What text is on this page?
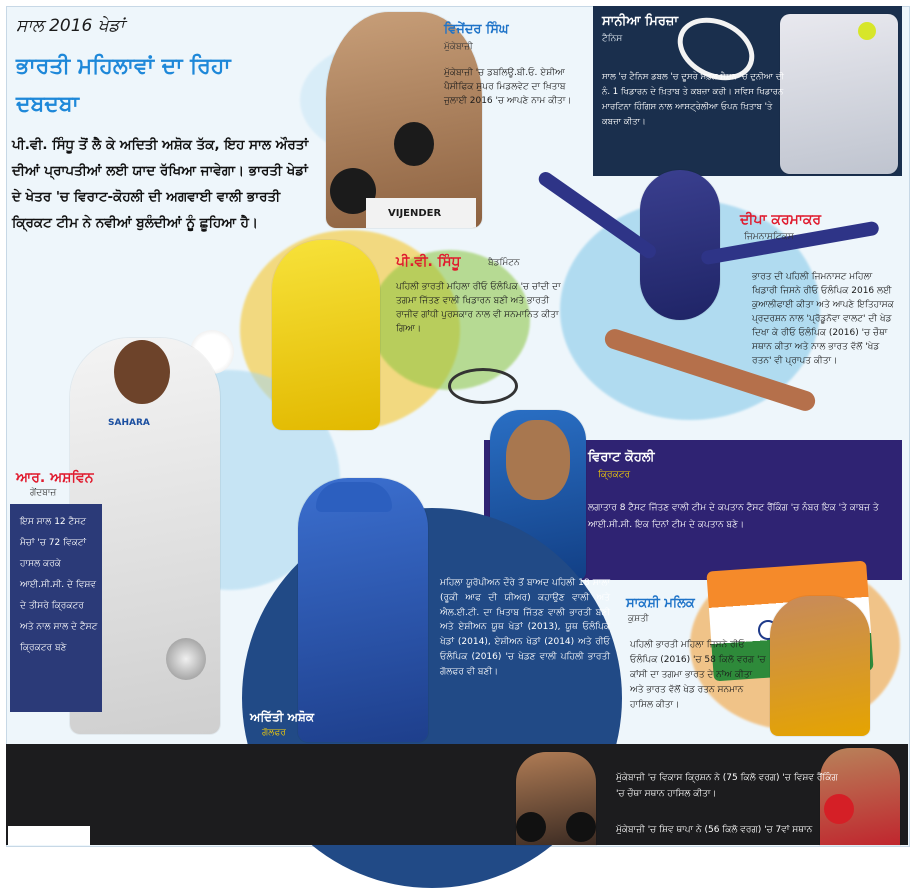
ਸਾਲ 2016 ਖੇਡਾਂ
ਭਾਰਤੀ ਮਹਿਲਾਵਾਂ ਦਾ ਰਿਹਾ ਦਬਦਬਾ
ਪੀ.ਵੀ. ਸਿੰਧੂ ਤੋਂ ਲੈ ਕੇ ਅਦਿਤੀ ਅਸ਼ੋਕ ਤੱਕ, ਇਹ ਸਾਲ ਔਰਤਾਂ ਦੀਆਂ ਪ੍ਰਾਪਤੀਆਂ ਲਈ ਯਾਦ ਰੱਖਿਆ ਜਾਵੇਗਾ। ਭਾਰਤੀ ਖੇਡਾਂ ਦੇ ਖੇਤਰ 'ਚ ਵਿਰਾਟ-ਕੋਹਲੀ ਦੀ ਅਗਵਾਈ ਵਾਲੀ ਭਾਰਤੀ ਕ੍ਰਿਕਟ ਟੀਮ ਨੇ ਨਵੀਆਂ ਬੁਲੰਦੀਆਂ ਨੂੰ ਛੂਹਿਆ ਹੈ।
VIJENDER
ਵਿਜੇਂਦਰ ਸਿੰਘ
ਮੁੱਕੇਬਾਜ਼ੀ
ਮੁੱਕੇਬਾਜ਼ੀ 'ਚ ਡਬਲਿਊ.ਬੀ.ਓ. ਏਸ਼ੀਆ ਪੈਸੀਫਿਕ ਸੁਪਰ ਮਿਡਲਵੇਟ ਦਾ ਖ਼ਿਤਾਬ ਜੁਲਾਈ 2016 'ਚ ਆਪਣੇ ਨਾਮ ਕੀਤਾ।
ਸਾਨੀਆ ਮਿਰਜ਼ਾ
ਟੈਨਿਸ
ਸਾਲ 'ਚ ਟੈਨਿਸ ਡਬਲ 'ਚ ਦੂਸਰੇ ਸਫ਼ਲ ਸੈਸ਼ਨ 'ਚ ਦੁਨੀਆ ਦੀ ਨੰ. 1 ਖਿਡਾਰਨ ਦੇ ਖ਼ਿਤਾਬ ਤੇ ਕਬਜ਼ਾ ਕਰੀ। ਸਵਿਸ ਖਿਡਾਰਨ ਮਾਰਟਿਨਾ ਹਿੰਗਿਸ ਨਾਲ ਆਸਟ੍ਰੇਲੀਆ ਓਪਨ ਖ਼ਿਤਾਬ 'ਤੇ ਕਬਜ਼ਾ ਕੀਤਾ।
ਦੀਪਾ ਕਰਮਾਕਰ
ਜਿਮਨਾਸਟਿਕਸ
ਭਾਰਤ ਦੀ ਪਹਿਲੀ ਜਿਮਨਾਸਟ ਮਹਿਲਾ ਖਿਡਾਰੀ ਜਿਸਨੇ ਰੀਓ ਓਲੰਪਿਕ 2016 ਲਈ ਕੁਆਲੀਫਾਈ ਕੀਤਾ ਅਤੇ ਆਪਣੇ ਇਤਿਹਾਸਕ ਪ੍ਰਦਰਸ਼ਨ ਨਾਲ 'ਪ੍ਰੋਡੂਨੋਵਾ ਵਾਲਟ' ਦੀ ਖੇਡ ਦਿਖਾ ਕੇ ਰੀਓ ਓਲੰਪਿਕ (2016) 'ਚ ਚੌਥਾ ਸਥਾਨ ਕੀਤਾ ਅਤੇ ਨਾਲ ਭਾਰਤ ਵੱਲੋਂ 'ਖੇਡ ਰਤਨ' ਵੀ ਪ੍ਰਾਪਤ ਕੀਤਾ।
ਪੀ.ਵੀ. ਸਿੰਧੂ	ਬੈਡਮਿੰਟਨ
ਪਹਿਲੀ ਭਾਰਤੀ ਮਹਿਲਾ ਰੀਓ ਓਲੰਪਿਕ 'ਚ ਚਾਂਦੀ ਦਾ ਤਗਮਾ ਜਿੱਤਣ ਵਾਲੀ ਖਿਡਾਰਨ ਬਣੀ ਅਤੇ ਭਾਰਤੀ ਰਾਜੀਵ ਗਾਂਧੀ ਪੁਰਸਕਾਰ ਨਾਲ ਵੀ ਸਨਮਾਨਿਤ ਕੀਤਾ ਗਿਆ।
SAHARA
ਆਰ. ਅਸ਼ਵਿਨ
ਗੇਂਦਬਾਜ਼
ਇਸ ਸਾਲ 12 ਟੈਸਟ ਮੈਚਾਂ 'ਚ 72 ਵਿਕਟਾਂ ਹਾਸਲ ਕਰਕੇ ਆਈ.ਸੀ.ਸੀ. ਦੇ ਵਿਸ਼ਵ ਦੇ ਤੀਸਰੇ ਕ੍ਰਿਕਟਰ ਅਤੇ ਨਾਲ ਸਾਲ ਦੇ ਟੈਸਟ ਕ੍ਰਿਕਟਰ ਬਣੇ
ਵਿਰਾਟ ਕੋਹਲੀ
ਕ੍ਰਿਕਟਰ
ਲਗਾਤਾਰ 8 ਟੈਸਟ ਜਿੱਤਣ ਵਾਲੀ ਟੀਮ ਦੇ ਕਪਤਾਨ ਟੈਸਟ ਰੈਂਕਿੰਗ 'ਚ ਨੰਬਰ ਇਕ 'ਤੇ ਕਾਬਜ਼ ਤੇ ਆਈ.ਸੀ.ਸੀ. ਇਕ ਦਿਨਾਂ ਟੀਮ ਦੇ ਕਪਤਾਨ ਬਣੇ।
ਮਹਿਲਾ ਯੂਰੋਪੀਅਨ ਦੌਰੇ ਤੋਂ ਬਾਅਦ ਪਹਿਲੀ 18 ਸਾਲਾ (ਰੂਕੀ ਆਫ ਦੀ ਯੀਅਰ) ਕਹਾਉਣ ਵਾਲੀ ਅਤੇ ਐਲ.ਈ.ਟੀ. ਦਾ ਖ਼ਿਤਾਬ ਜਿੱਤਣ ਵਾਲੀ ਭਾਰਤੀ ਬਣੀ ਅਤੇ ਏਸ਼ੀਅਨ ਯੂਥ ਖੇਡਾਂ (2013), ਯੂਥ ਓਲੰਪਿਕ ਖੇਡਾਂ (2014), ਏਸ਼ੀਅਨ ਖੇਡਾਂ (2014) ਅਤੇ ਰੀਓ ਓਲੰਪਿਕ (2016) 'ਚ ਖੇਡਣ ਵਾਲੀ ਪਹਿਲੀ ਭਾਰਤੀ ਗੋਲਫਰ ਵੀ ਬਣੀ।
ਅਦਿੱਤੀ ਅਸ਼ੋਕ
ਗੋਲਫਰ
ਸਾਕਸ਼ੀ ਮਲਿਕ
ਕੁਸ਼ਤੀ
ਪਹਿਲੀ ਭਾਰਤੀ ਮਹਿਲਾ ਜਿਸਨੇ ਰੀਓ ਓਲੰਪਿਕ (2016) 'ਚ 58 ਕਿਲੋ ਵਰਗ 'ਚ ਕਾਂਸੀ ਦਾ ਤਗਮਾ ਭਾਰਤ ਦੇ ਨਾਂਅ ਕੀਤਾ ਅਤੇ ਭਾਰਤ ਵੱਲੋਂ ਖੇਡ ਰਤਨ ਸਨਮਾਨ ਹਾਸਿਲ ਕੀਤਾ।
ਮੁੱਕੇਬਾਜ਼ੀ 'ਚ ਵਿਕਾਸ ਕ੍ਰਿਸ਼ਨ ਨੇ (75 ਕਿਲੋ ਵਰਗ) 'ਚ ਵਿਸ਼ਵ ਰੈਂਕਿੰਗ 'ਚ ਚੌਥਾ ਸਥਾਨ ਹਾਸਿਲ ਕੀਤਾ।
ਮੁੱਕੇਬਾਜ਼ੀ 'ਚ ਸ਼ਿਵ ਥਾਪਾ ਨੇ (56 ਕਿਲੋ ਵਰਗ) 'ਚ 7ਵਾਂ ਸਥਾਨ
